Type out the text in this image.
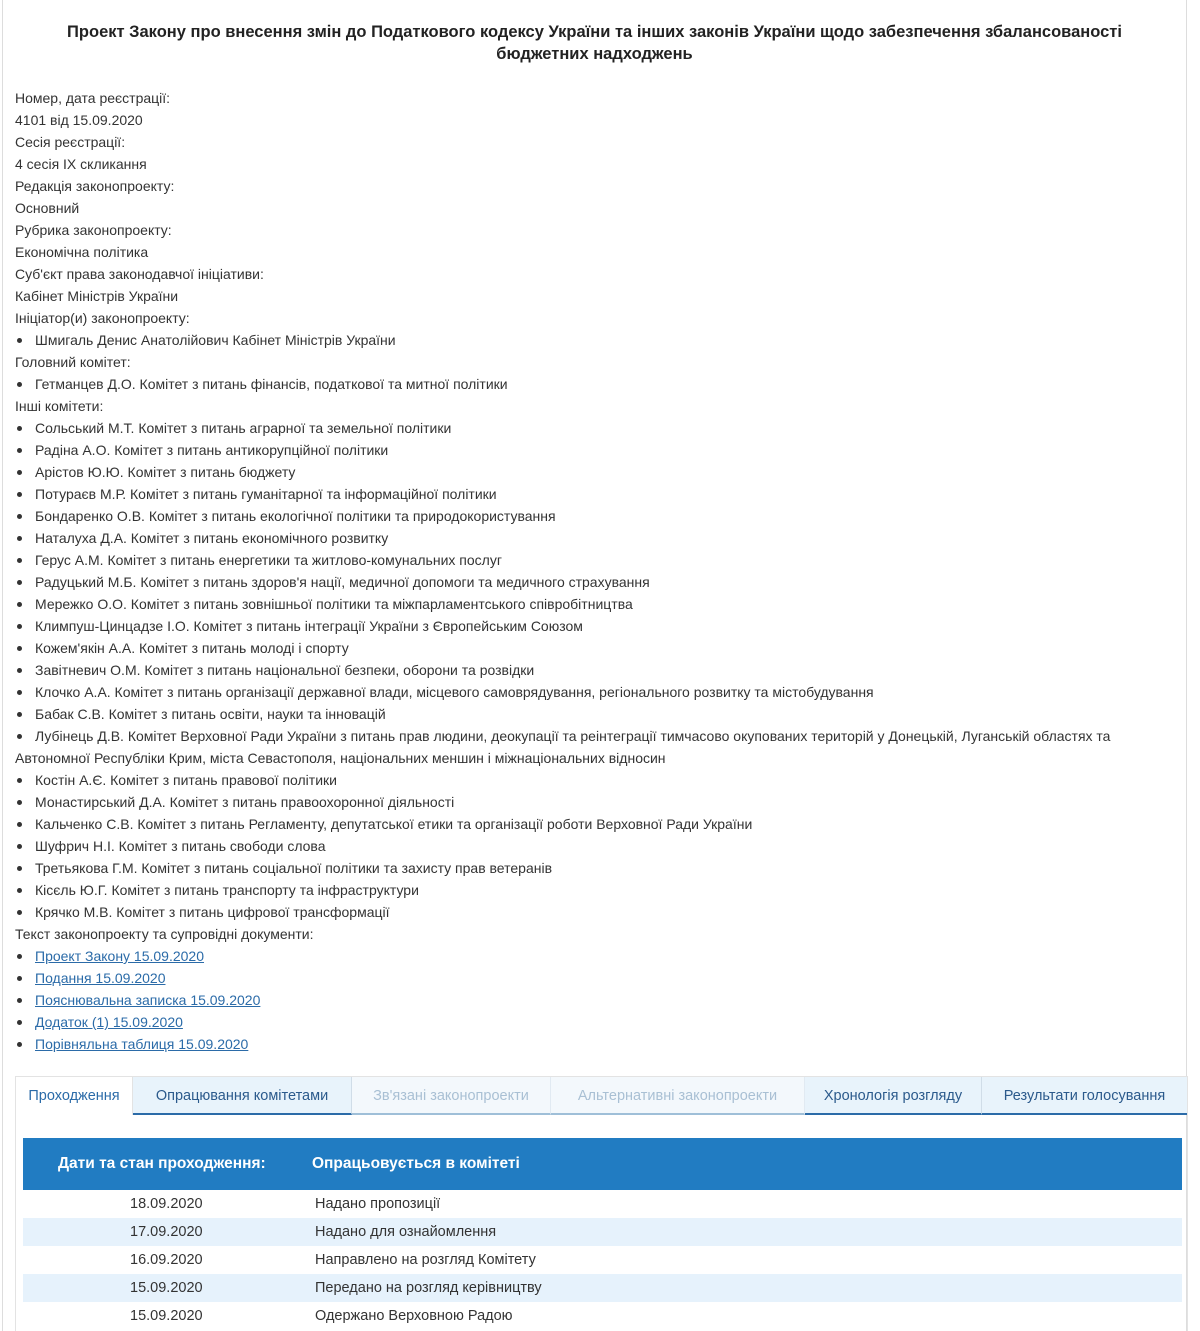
Проект Закону про внесення змін до Податкового кодексу України та інших законів України щодо забезпечення збалансованості бюджетних надходжень
Номер, дата реєстрації:
4101 від 15.09.2020
Сесія реєстрації:
4 сесія IX скликання
Редакція законопроекту:
Основний
Рубрика законопроекту:
Економічна політика
Суб'єкт права законодавчої ініціативи:
Кабінет Міністрів України
Ініціатор(и) законопроекту:
Шмигаль Денис Анатолійович Кабінет Міністрів України
Головний комітет:
Гетманцев Д.О. Комітет з питань фінансів, податкової та митної політики
Інші комітети:
Сольський М.Т. Комітет з питань аграрної та земельної політики
Радіна А.О. Комітет з питань антикорупційної політики
Арістов Ю.Ю. Комітет з питань бюджету
Потураєв М.Р. Комітет з питань гуманітарної та інформаційної політики
Бондаренко О.В. Комітет з питань екологічної політики та природокористування
Наталуха Д.А. Комітет з питань економічного розвитку
Герус А.М. Комітет з питань енергетики та житлово-комунальних послуг
Радуцький М.Б. Комітет з питань здоров'я нації, медичної допомоги та медичного страхування
Мережко О.О. Комітет з питань зовнішньої політики та міжпарламентського співробітництва
Климпуш-Цинцадзе І.О. Комітет з питань інтеграції України з Європейським Союзом
Кожем'якін А.А. Комітет з питань молоді і спорту
Завітневич О.М. Комітет з питань національної безпеки, оборони та розвідки
Клочко А.А. Комітет з питань організації державної влади, місцевого самоврядування, регіонального розвитку та містобудування
Бабак С.В. Комітет з питань освіти, науки та інновацій
Лубінець Д.В. Комітет Верховної Ради України з питань прав людини, деокупації та реінтеграції тимчасово окупованих територій у Донецькій, Луганській областях та Автономної Республіки Крим, міста Севастополя, національних меншин і міжнаціональних відносин
Костін А.Є. Комітет з питань правової політики
Монастирський Д.А. Комітет з питань правоохоронної діяльності
Кальченко С.В. Комітет з питань Регламенту, депутатської етики та організації роботи Верховної Ради України
Шуфрич Н.І. Комітет з питань свободи слова
Третьякова Г.М. Комітет з питань соціальної політики та захисту прав ветеранів
Кісєль Ю.Г. Комітет з питань транспорту та інфраструктури
Крячко М.В. Комітет з питань цифрової трансформації
Текст законопроекту та супровідні документи:
Проект Закону 15.09.2020
Подання 15.09.2020
Пояснювальна записка 15.09.2020
Додаток (1) 15.09.2020
Порівняльна таблиця 15.09.2020
Проходження	Опрацювання комітетами	Зв'язані законопроекти	Альтернативні законопроекти	Хронологія розгляду	Результати голосування
Дати та стан проходження:	Опрацьовується в комітеті
18.09.2020	Надано пропозиції
17.09.2020	Надано для ознайомлення
16.09.2020	Направлено на розгляд Комітету
15.09.2020	Передано на розгляд керівництву
15.09.2020	Одержано Верховною Радою
